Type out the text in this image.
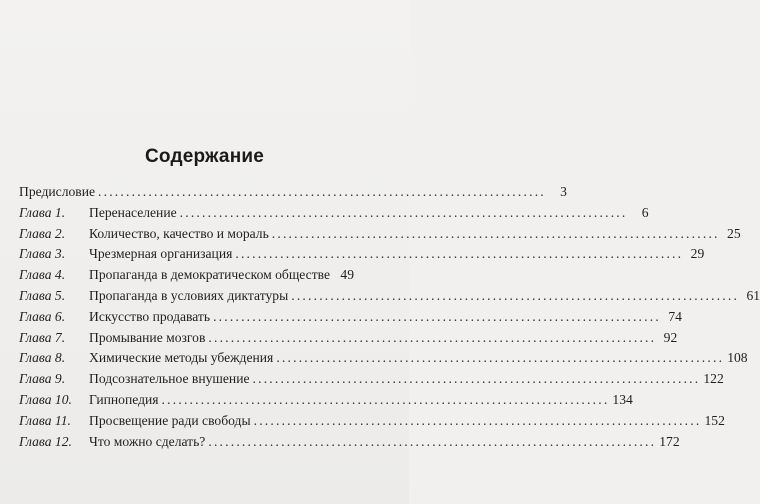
Содержание
Предисловие ................................................................................	3
Глава 1.	Перенаселение ................................................................................	6
Глава 2.	Количество, качество и мораль ................................................................................ 25
Глава 3.	Чрезмерная организация ................................................................................ 29
Глава 4.	Пропаганда в демократическом обществе 49
Глава 5.	Пропаганда в условиях диктатуры ................................................................................ 61
Глава 6.	Искусство продавать ................................................................................ 74
Глава 7.	Промывание мозгов ................................................................................ 92
Глава 8.	Химические методы убеждения ................................................................................ 108
Глава 9.	Подсознательное внушение ................................................................................ 122
Глава 10.	Гипнопедия ................................................................................ 134
Глава 11.	Просвещение ради свободы ................................................................................ 152
Глава 12.	Что можно сделать? ................................................................................ 172
